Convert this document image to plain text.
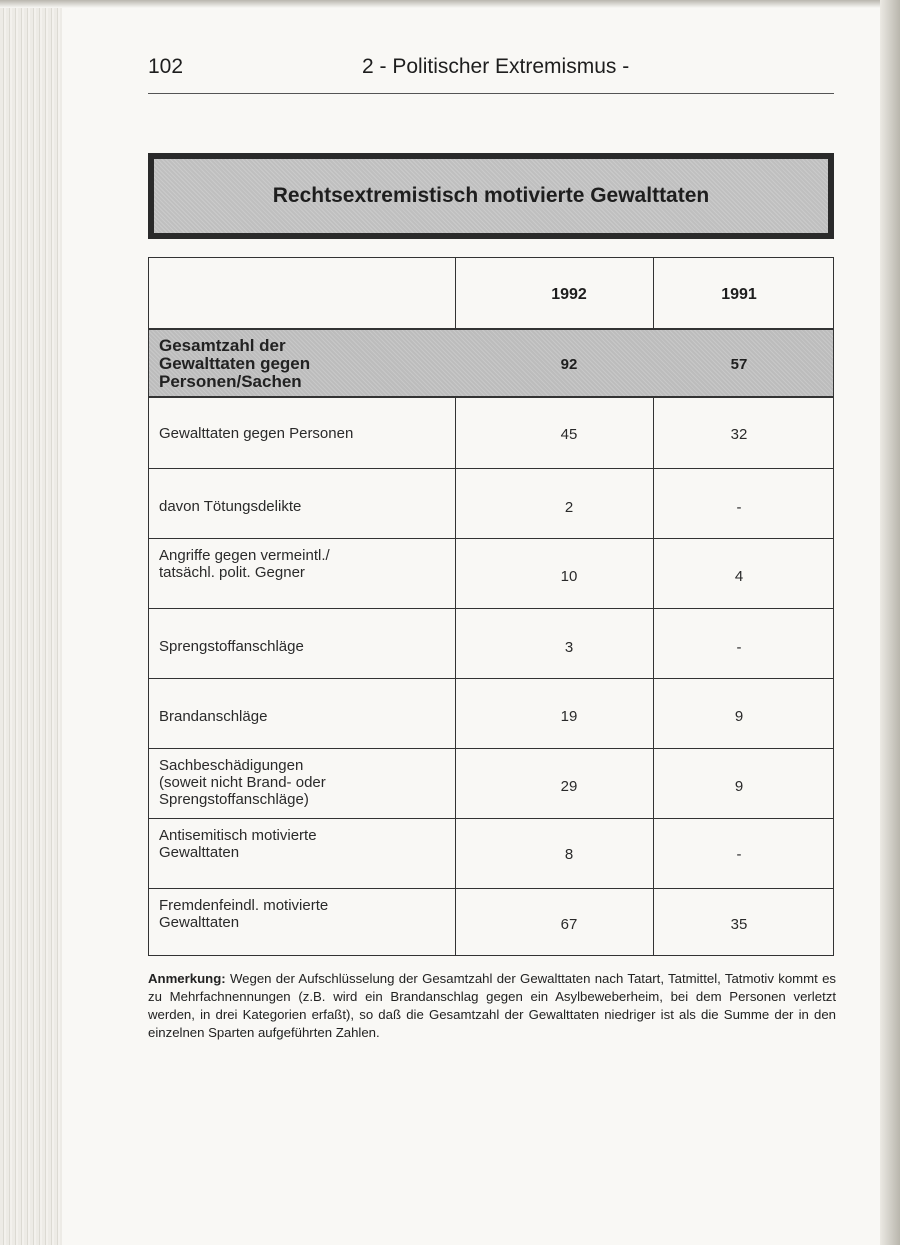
102	2 - Politischer Extremismus -
Rechtsextremistisch motivierte Gewalttaten
1992	1991
Gesamtzahl der
Gewalttaten gegen
Personen/Sachen
92	57
Gewalttaten gegen Personen	45	32
davon Tötungsdelikte	2	-
Angriffe gegen vermeintl./
tatsächl. polit. Gegner	10	4
Sprengstoffanschläge	3	-
Brandanschläge	19	9
Sachbeschädigungen
(soweit nicht Brand- oder
Sprengstoffanschläge)
29	9
Antisemitisch motivierte
Gewalttaten	8	-
Fremdenfeindl. motivierte
Gewalttaten	67	35
Anmerkung: Wegen der Aufschlüsselung der Gesamtzahl der Gewalttaten nach Tatart, Tatmittel, Tatmotiv kommt es zu Mehrfachnennungen (z.B. wird ein Brandanschlag gegen ein Asylbeweberheim, bei dem Personen verletzt werden, in drei Kategorien erfaßt), so daß die Gesamtzahl der Gewalttaten niedriger ist als die Summe der in den einzelnen Sparten aufgeführten Zahlen.
